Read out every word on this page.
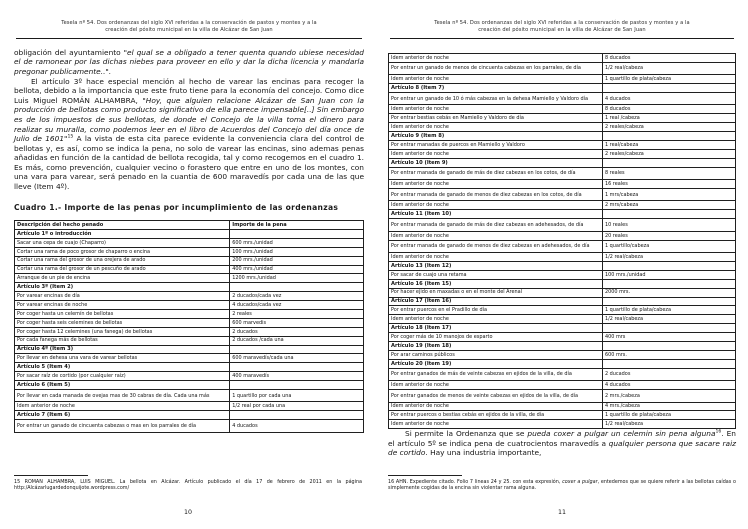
Tesela nº 54. Dos ordenanzas del siglo XVI referidas a la conservación de pastos y montes y a la
creación del pósito municipal en la villa de Alcázar de San Juan

obligación del ayuntamiento "el qual se a obligado a tener quenta quando ubiese necesidad el de ramonear por las dichas niebes para proveer en ello y dar la dicha licencia y mandarla pregonar publicamente..".

El artículo 3º hace especial mención al hecho de varear las encinas para recoger la bellota, debido a la importancia que este fruto tiene para la economía del concejo. Como dice Luis Miguel ROMÁN ALHAMBRA, "Hoy, que alguien relacione Alcázar de San Juan con la producción de bellotas como producto significativo de ella parece impensable[..] Sin embargo es de los impuestos de sus bellotas, de donde el Concejo de la villa toma el dinero para realizar su muralla, como podemos leer en el libro de Acuerdos del Concejo del día once de Julio de 1601"$^{15}$ A la vista de esta cita parece evidente la conveniencia clara del control de bellotas y, es así, como se indica la pena, no solo de varear las encinas, sino ademas penas añadidas en función de la cantidad de bellota recogida, tal y como recogemos en el cuadro 1. Es más, como prevención, cualquier vecino o forastero que entre en uno de los montes, con una vara para varear, será penado en la cuantia de 600 maravedís por cada una de las que lleve (Item 4º).

Cuadro 1.- Importe de las penas por incumplimiento de las ordenanzas
Descripción del hecho penado	Importe de la pena
Artículo 1º o introducción	
Sacar una cepa de cuajo (Chaparro)	600 mrs./unidad
Cortar una rama de poco grosor de chaparro o encina	100 mrs./unidad
Cortar una rama del grosor de una orejera de arado	200 mrs./unidad
Cortar una rama del grosor de un pescuño de arado	400 mrs./unidad
Arranque de un pie de encina	1200 mrs./unidad
Artículo 3º (Item 2)	
Por varear encinas de día	2 ducados/cada vez
Por varear encinas de noche	4 ducados/cada vez
Por coger hasta un celemín de bellotas	2 reales
Por coger hasta seis celemines de bellotas	600 marvedis
Por coger hasta 12 celemines (una fanega) de bellotas	2 ducados
Por cada fanega más de bellotas	2 ducados /cada una
Artículo 4º (Item 3)	
Por llevar en dehesa una vara de varear bellotas	600 maravedís/cada una
Artículo 5 (Item 4)	
Por sacar raíz de cortido (por cualquier raíz)	400 maravedís
Artículo 6 (Item 5)	
Por llevar en cada manada de ovejas mas de 30 cabras de día. Cada una más	1 quartillo por cada una
Idem anterior de noche	1/2 real por cada una
Artículo 7 (Item 6)	
Por entrar un ganado de cincuenta cabezas o mas en los parrales de día	4 ducados

15 ROMAN ALHAMBRA, LUIS MIGUEL. La bellota en Alcázar. Artículo publicado el día 17 de febrero de 2011 en la página http:/Alcázarlugardedonquijote.wordpress.com/

10
Tesela nº 54. Dos ordenanzas del siglo XVI referidas a la conservación de pastos y montes y a la
creación del pósito municipal en la villa de Alcázar de San Juan
Idem anterior de noche	8 ducados
Por entrar un ganado de menos de cincuenta cabezas en los parrales, de día	1/2 real/cabeza
Idem anterior de noche	1 quartillo de plata/cabeza
Artículo 8 (Item 7)	
Por entrar un ganado de 10 ó más cabezas en la dehesa Mamiello y Valdoro día	4 ducados
Idem anterior de noche	8 ducados
Por entrar bestias cebás en Mamiello y Valdoro de día	1 real /cabeza
Idem anterior de noche	2 reales/cabeza
Artículo 9 (Item 8)	
Por entrar manadas de puercos en Mamiello y Valdoro	1 real/cabeza
Idem anterior de noche	2 reales/cabeza
Artículo 10 (Item 9)	
Por entrar manada de ganado de más de diez cabezas en los cotos, de día	8 reales
Idem anterior de noche	16 reales
Por entrar manada de ganado de menos de diez cabezas en los cotos, de día	1 mrs/cabeza
Idem anterior de noche	2 mrs/cabeza
Artículo 11 (Item 10)	
Por entrar manada de ganado de más de diez cabezas en adehesados, de día	10 reales
Idem anterior de noche	20 reales
Por entrar manada de ganado de menos de diez cabezas en adehesados, de día	1 quartillo/cabeza
Idem anterior de noche	1/2 real/cabeza
Artículo 13 (Item 12)	
Por sacar de cuajo una retama	100 mrs./unidad
Artículo 16 (Item 15)	
Por hacer ejido en maxadas o en el monte del Arenal	2000 mrs.
Artículo 17 (Item 16)	
Por entrar puercos en el Pradillo de día	1 quartillo de plata/cabeza
Idem anterior de noche	1/2 real/cabeza
Artículo 18 (Item 17)	
Por coger más de 10 manojos de esparto	400 mrs
Artículo 19 (Item 18)	
Por arar caminos públicos	600 mrs.
Artículo 20 (Item 19)	
Por entrar ganados de más de veinte cabezas en ejidos de la villa, de día	2 ducados
Idem anterior de noche	4 ducados
Por entrar ganados de menos de veinte cabezas en ejidos de la villa, de día	2 mrs./cabeza
Idem anterior de noche	4 mrs./cabeza
Por entrar puercos o bestias cebás en ejidos de la villa, de día	1 quartillo de plata/cabeza
Idem anterior de noche	1/2 real/cabeza

Si permite la Ordenanza que se pueda coxer a pulgar un celemin sin pena alguna$^{16}$. En el artículo 5º se indica pena de cuatrocientos maravedís a qualquier persona que sacare raiz de cortido. Hay una industria importante,

16 AHN. Expediente citado. Folio 7 lineas 24 y 25. con esta expresión, coxer a pulgar, entedemos que se quiere referir a las bellotas caídas o simplemente cogidas de la encina sin violentar rama alguna.

11
